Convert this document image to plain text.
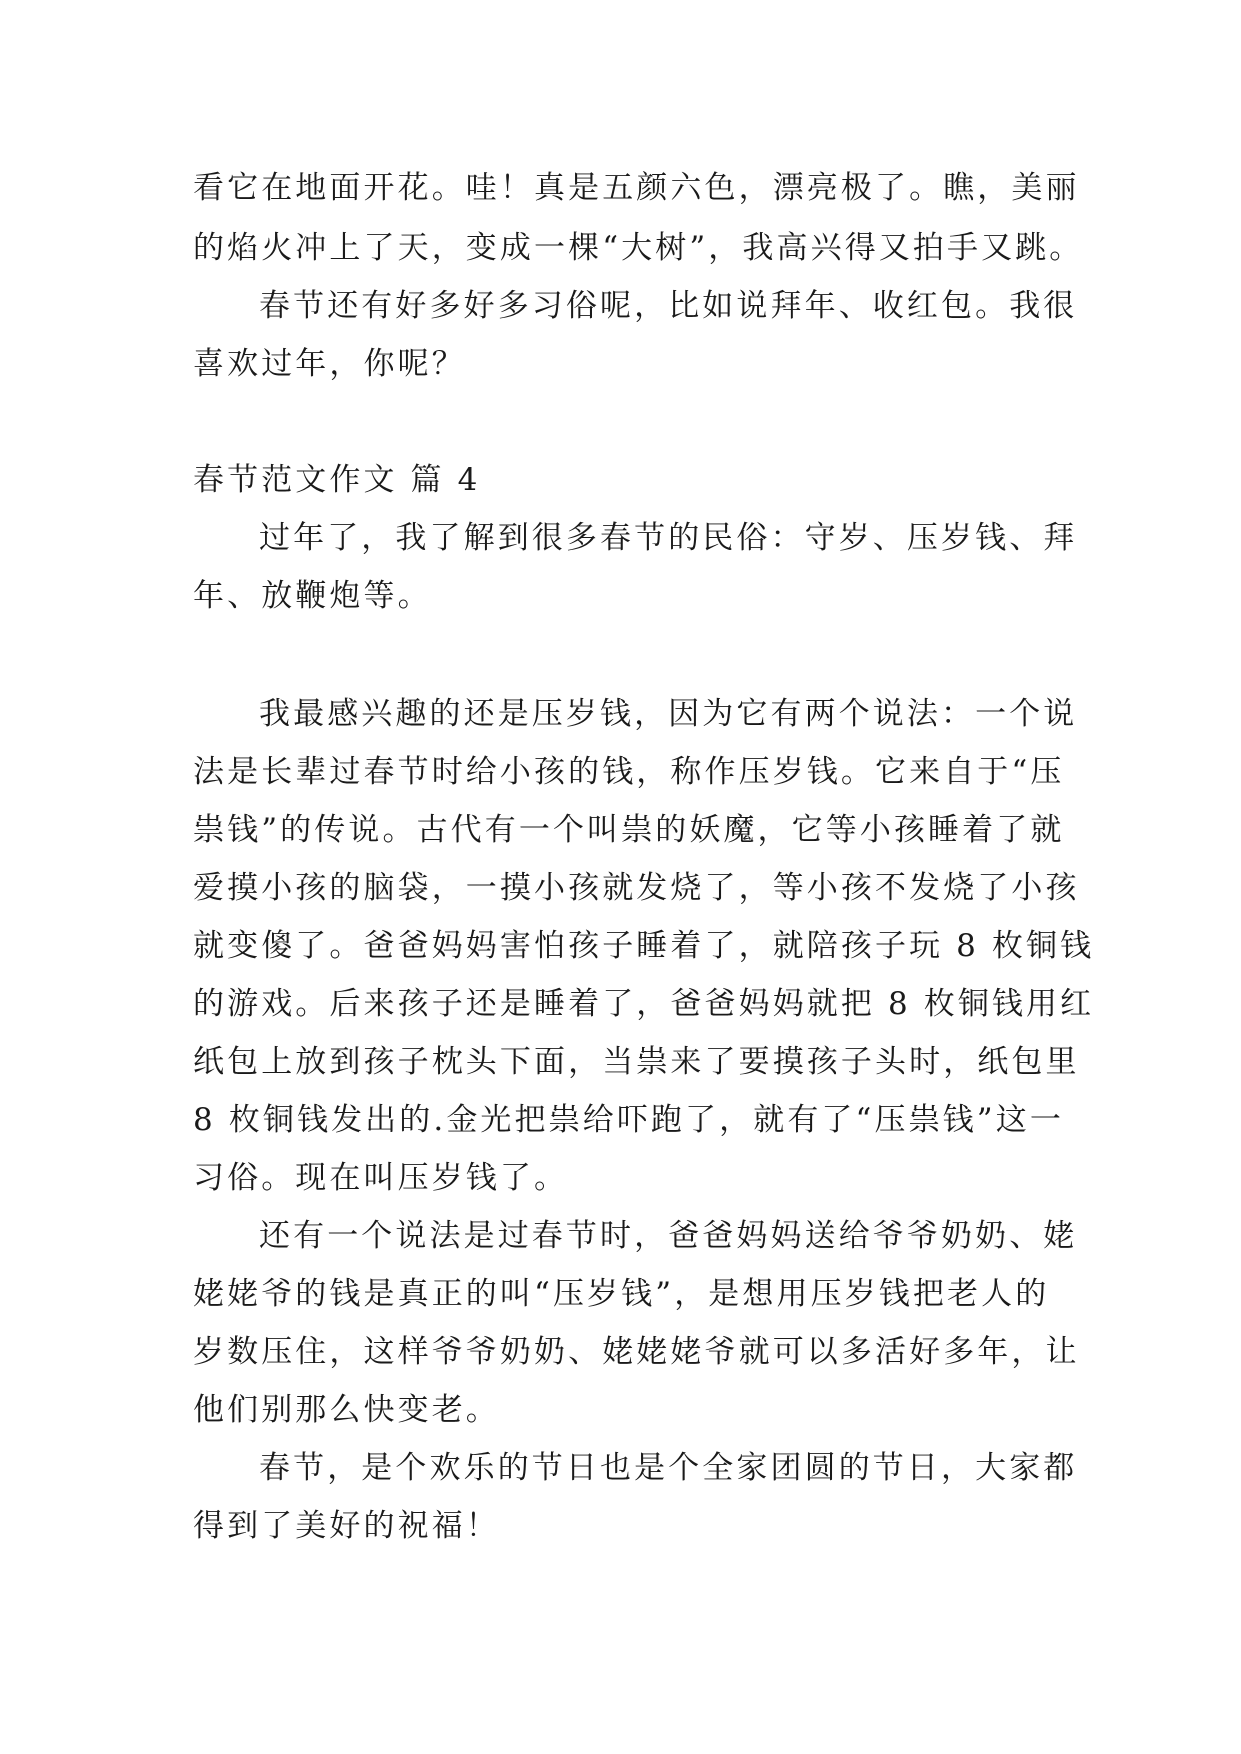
看它在地面开花。哇！真是五颜六色，漂亮极了。瞧，美丽
的焰火冲上了天，变成一棵“大树”，我高兴得又拍手又跳。
春节还有好多好多习俗呢，比如说拜年、收红包。我很
喜欢过年，你呢？
春节范文作文 篇 4
过年了，我了解到很多春节的民俗：守岁、压岁钱、拜
年、放鞭炮等。
我最感兴趣的还是压岁钱，因为它有两个说法：一个说
法是长辈过春节时给小孩的钱，称作压岁钱。它来自于“压
祟钱”的传说。古代有一个叫祟的妖魔，它等小孩睡着了就
爱摸小孩的脑袋，一摸小孩就发烧了，等小孩不发烧了小孩
就变傻了。爸爸妈妈害怕孩子睡着了，就陪孩子玩 8 枚铜钱
的游戏。后来孩子还是睡着了，爸爸妈妈就把 8 枚铜钱用红
纸包上放到孩子枕头下面，当祟来了要摸孩子头时，纸包里
8 枚铜钱发出的.金光把祟给吓跑了，就有了“压祟钱”这一
习俗。现在叫压岁钱了。
还有一个说法是过春节时，爸爸妈妈送给爷爷奶奶、姥
姥姥爷的钱是真正的叫“压岁钱”，是想用压岁钱把老人的
岁数压住，这样爷爷奶奶、姥姥姥爷就可以多活好多年，让
他们别那么快变老。
春节，是个欢乐的节日也是个全家团圆的节日，大家都
得到了美好的祝福！
